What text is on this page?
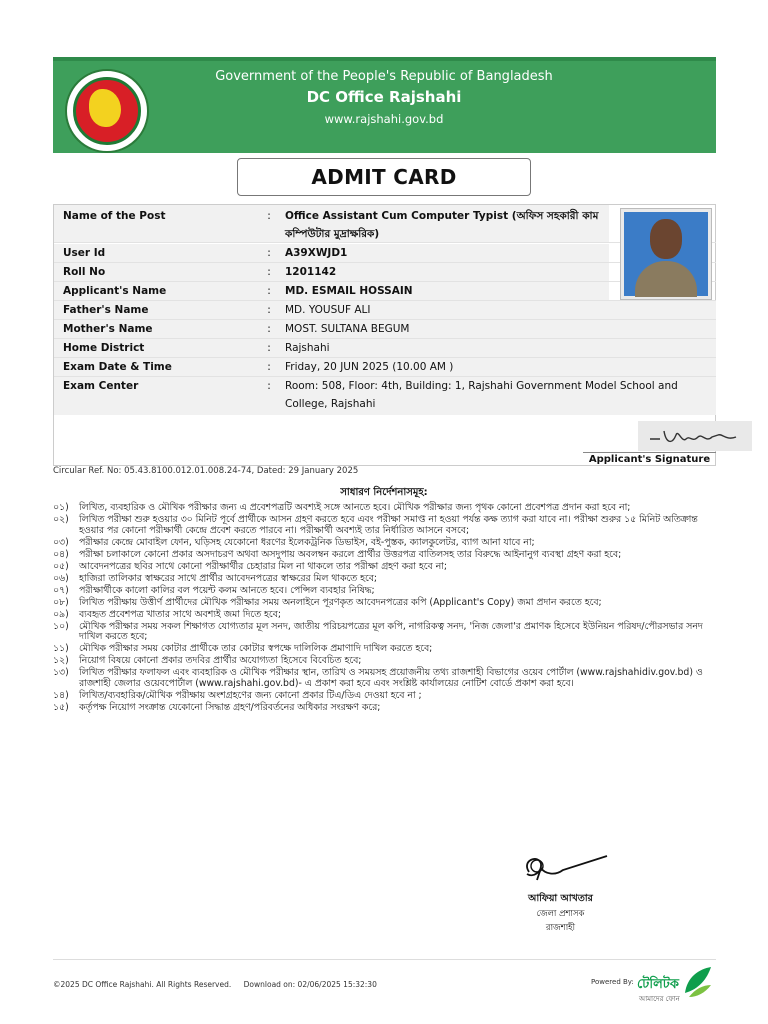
Government of the People's Republic of Bangladesh
DC Office Rajshahi
www.rajshahi.gov.bd
ADMIT CARD
Name of the Post	:	Office Assistant Cum Computer Typist (অফিস সহকারী কাম
কম্পিউটার মুদ্রাক্ষরিক)
User Id	:	A39XWJD1
Roll No	:	1201142
Applicant's Name	:	MD. ESMAIL HOSSAIN
Father's Name	:	MD. YOUSUF ALI
Mother's Name	:	MOST. SULTANA BEGUM
Home District	:	Rajshahi
Exam Date & Time	:	Friday, 20 JUN 2025 (10.00 AM )
Exam Center	:	Room: 508, Floor: 4th, Building: 1, Rajshahi Government Model School and
College, Rajshahi
Applicant's Signature
Circular Ref. No: 05.43.8100.012.01.008.24-74, Dated: 29 January 2025
সাধারণ নির্দেশনাসমূহ:
০১)	লিখিত, ব্যবহারিক ও মৌখিক পরীক্ষার জন্য এ প্রবেশপত্রটি অবশ্যই সঙ্গে আনতে হবে। মৌখিক পরীক্ষার জন্য পৃথক কোনো প্রবেশপত্র প্রদান করা হবে না;
০২)	লিখিত পরীক্ষা শুরু হওয়ার ৩০ মিনিট পূর্বে প্রার্থীকে আসন গ্রহণ করতে হবে এবং পরীক্ষা সমাপ্ত না হওয়া পর্যন্ত কক্ষ ত্যাগ করা যাবে না। পরীক্ষা শুরুর ১৫ মিনিট অতিক্রান্ত হওয়ার পর কোনো পরীক্ষার্থী কেন্দ্রে প্রবেশ করতে পারবে না। পরীক্ষার্থী অবশ্যই তার নির্ধারিত আসনে বসবে;
০৩)	পরীক্ষার কেন্দ্রে মোবাইল ফোন, ঘড়িসহ যেকোনো ধরণের ইলেকট্রনিক ডিভাইস, বই-পুস্তক, ক্যালকুলেটর, ব্যাগ আনা যাবে না;
০৪)	পরীক্ষা চলাকালে কোনো প্রকার অসদাচরণ অথবা অসদুপায় অবলম্বন করলে প্রার্থীর উত্তরপত্র বাতিলসহ তার বিরুদ্ধে আইনানুগ ব্যবস্থা গ্রহণ করা হবে;
০৫)	আবেদনপত্রের ছবির সাথে কোনো পরীক্ষার্থীর চেহারার মিল না থাকলে তার পরীক্ষা গ্রহণ করা হবে না;
০৬)	হাজিরা তালিকার স্বাক্ষরের সাথে প্রার্থীর আবেদনপত্রের স্বাক্ষরের মিল থাকতে হবে;
০৭)	পরীক্ষার্থীকে কালো কালির বল পয়েন্ট কলম আনতে হবে। পেন্সিল ব্যবহার নিষিদ্ধ;
০৮)	লিখিত পরীক্ষায় উত্তীর্ণ প্রার্থীদের মৌখিক পরীক্ষার সময় অনলাইনে পূরণকৃত আবেদনপত্রের কপি (Applicant's Copy) জমা প্রদান করতে হবে;
০৯)	ব্যবহৃত প্রবেশপত্র খাতার সাথে অবশ্যই জমা দিতে হবে;
১০)	মৌখিক পরীক্ষার সময় সকল শিক্ষাগত যোগ্যতার মূল সনদ, জাতীয় পরিচয়পত্রের মূল কপি, নাগরিকত্ব সনদ, 'নিজ জেলা'র প্রমাণক হিসেবে ইউনিয়ন পরিষদ/পৌরসভার সনদ দাখিল করতে হবে;
১১)	মৌখিক পরীক্ষার সময় কোটার প্রার্থীকে তার কোটার স্বপক্ষে দালিলিক প্রমাণাদি দাখিল করতে হবে;
১২)	নিয়োগ বিষয়ে কোনো প্রকার তদবির প্রার্থীর অযোগ্যতা হিসেবে বিবেচিত হবে;
১৩)	লিখিত পরীক্ষার ফলাফল এবং ব্যবহারিক ও মৌখিক পরীক্ষার স্থান, তারিখ ও সময়সহ প্রয়োজনীয় তথ্য রাজশাহী বিভাগের ওয়েব পোর্টাল (www.rajshahidiv.gov.bd) ও রাজশাহী জেলার ওয়েবপোর্টাল (www.rajshahi.gov.bd)- এ প্রকাশ করা হবে এবং সংশ্লিষ্ট কার্যালয়ের নোটিশ বোর্ডে প্রকাশ করা হবে।
১৪)	লিখিত/ব্যবহারিক/মৌখিক পরীক্ষায় অংশগ্রহণের জন্য কোনো প্রকার টিএ/ডিএ দেওয়া হবে না ;
১৫)	কর্তৃপক্ষ নিয়োগ সংক্রান্ত যেকোনো সিদ্ধান্ত গ্রহণ/পরিবর্তনের অধিকার সংরক্ষণ করে;
আফিয়া আখতার
জেলা প্রশাসক
রাজশাহী
©2025 DC Office Rajshahi. All Rights Reserved. Download on: 02/06/2025 15:32:30	Powered By: টেলিটক
আমাদের ফোন
